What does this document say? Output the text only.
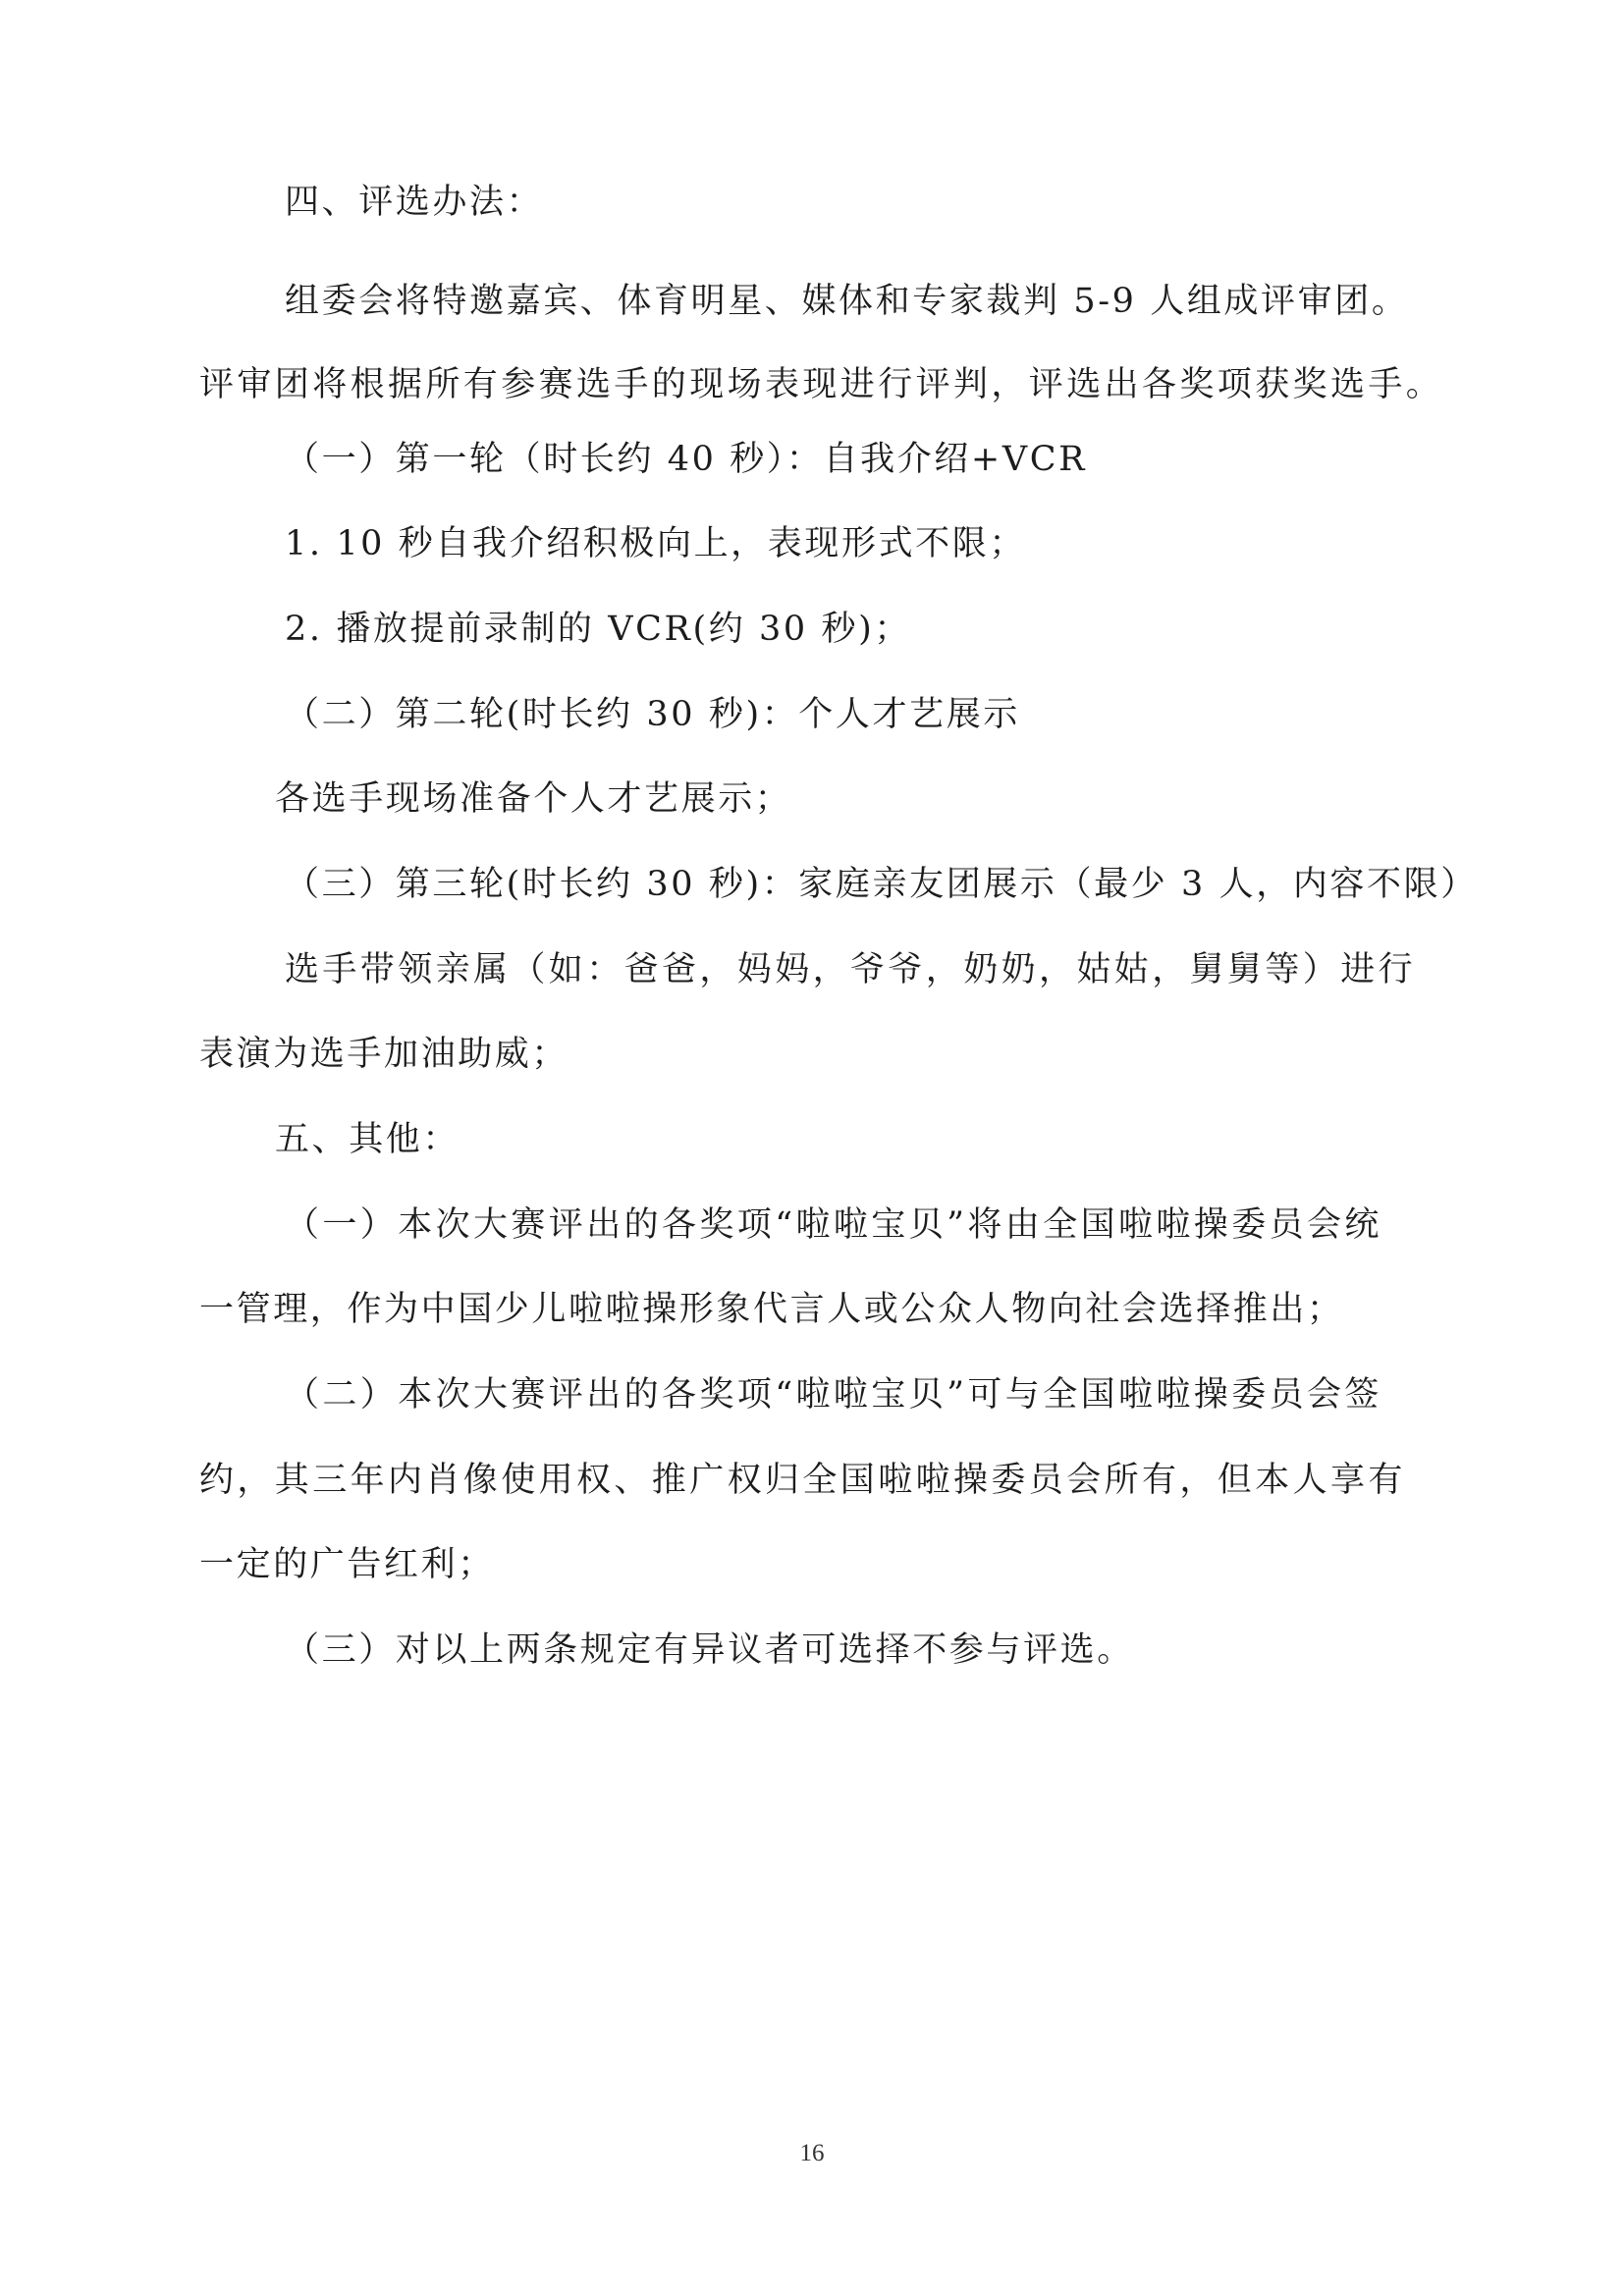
四、评选办法：
组委会将特邀嘉宾、体育明星、媒体和专家裁判 5-9 人组成评审团。
评审团将根据所有参赛选手的现场表现进行评判，评选出各奖项获奖选手。
（一）第一轮（时长约 40 秒）：自我介绍+VCR
1. 10 秒自我介绍积极向上，表现形式不限；
2. 播放提前录制的 VCR(约 30 秒)；
（二）第二轮(时长约 30 秒)：个人才艺展示
各选手现场准备个人才艺展示；
（三）第三轮(时长约 30 秒)：家庭亲友团展示（最少 3 人，内容不限）
选手带领亲属（如：爸爸，妈妈，爷爷，奶奶，姑姑，舅舅等）进行
表演为选手加油助威；
五、其他：
（一）本次大赛评出的各奖项“啦啦宝贝”将由全国啦啦操委员会统
一管理，作为中国少儿啦啦操形象代言人或公众人物向社会选择推出；
（二）本次大赛评出的各奖项“啦啦宝贝”可与全国啦啦操委员会签
约，其三年内肖像使用权、推广权归全国啦啦操委员会所有，但本人享有
一定的广告红利；
（三）对以上两条规定有异议者可选择不参与评选。
16
